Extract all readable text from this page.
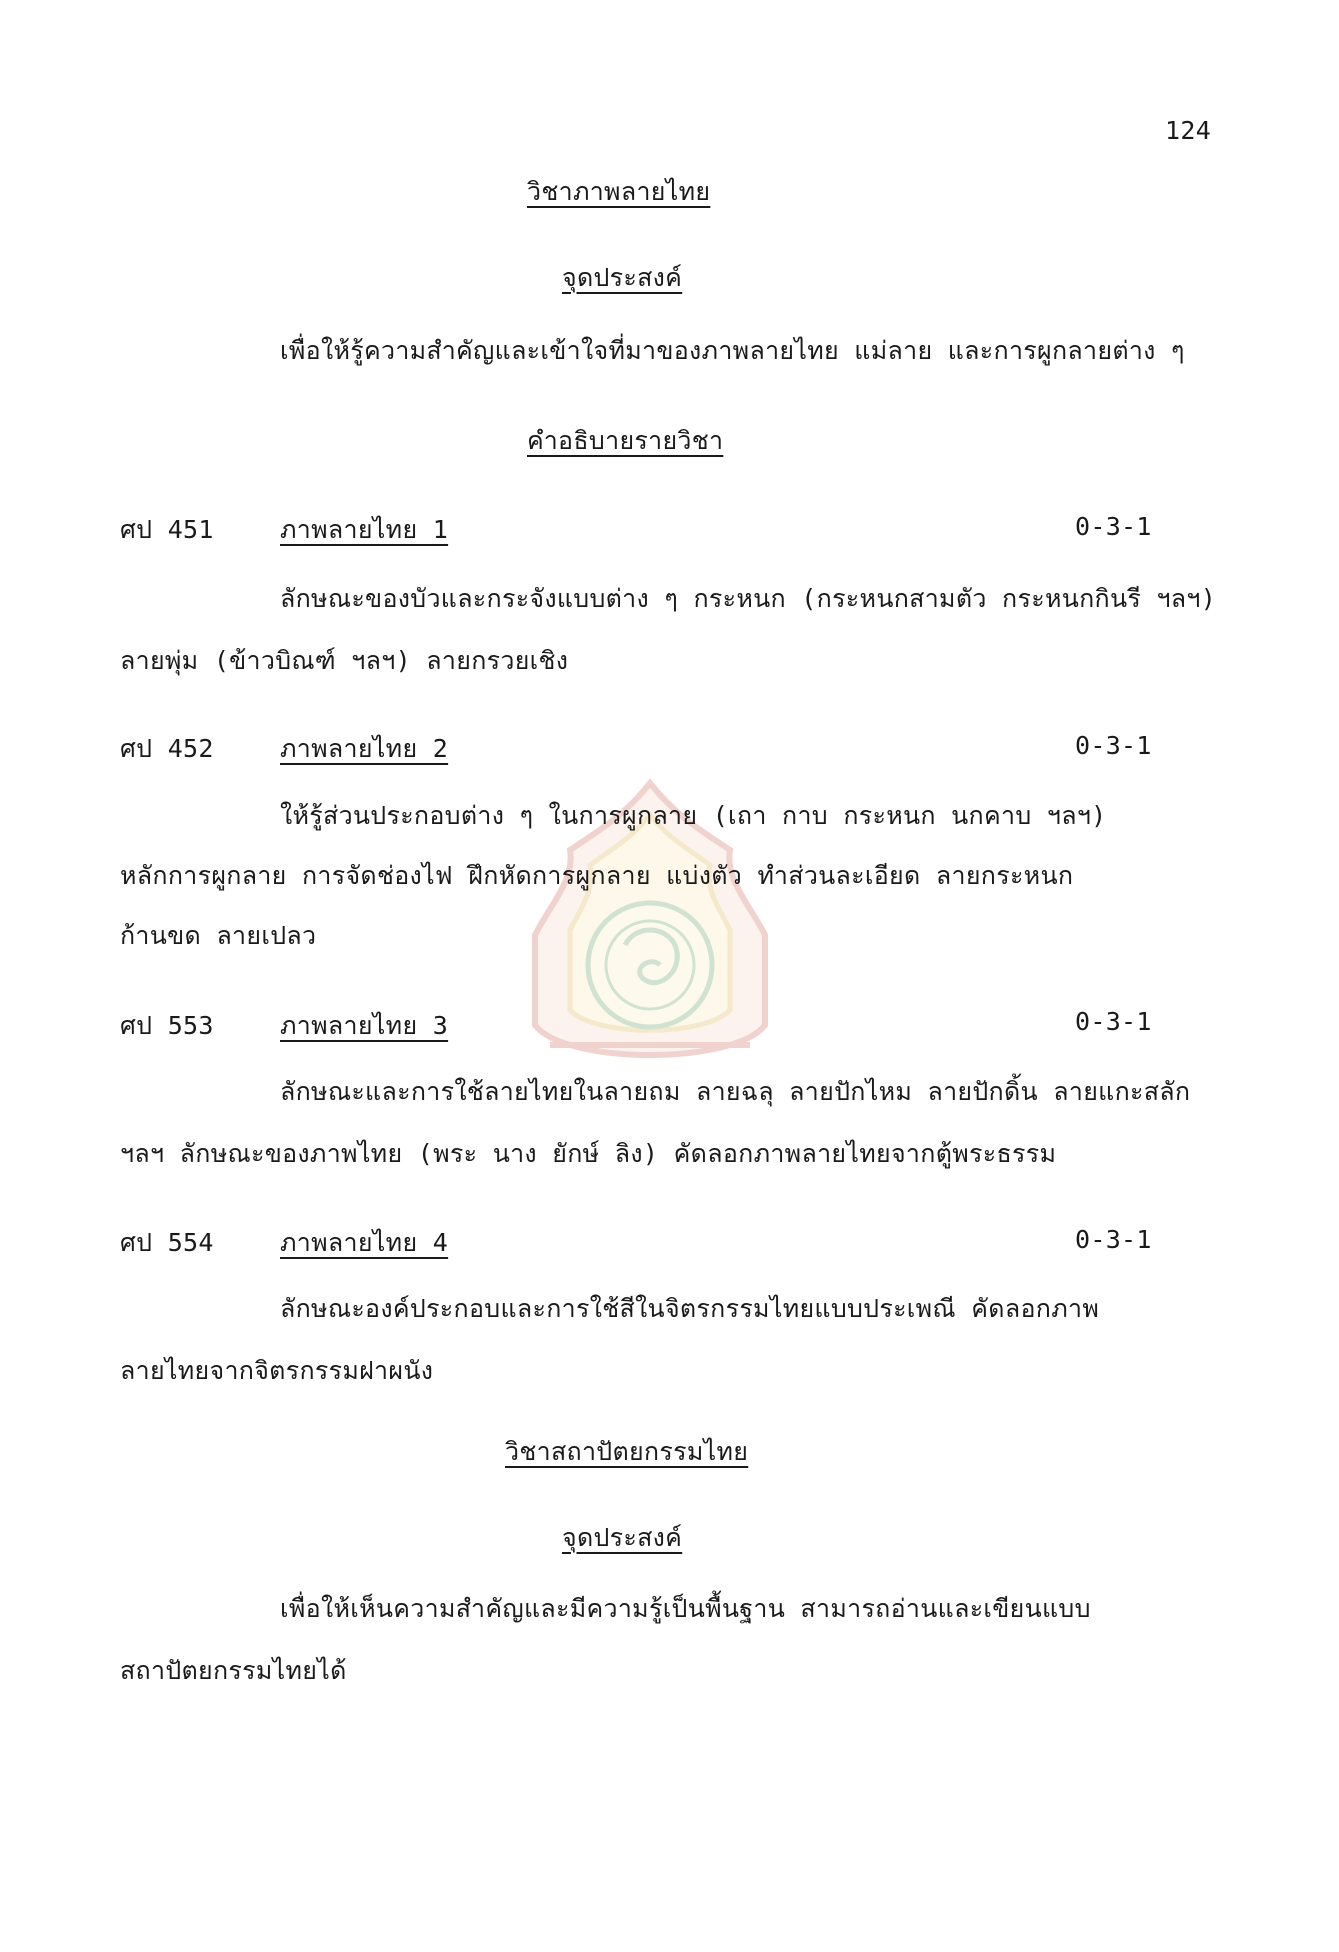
124
วิชาภาพลายไทย
จุดประสงค์
เพื่อให้รู้ความสำคัญและเข้าใจที่มาของภาพลายไทย แม่ลาย และการผูกลายต่าง ๆ
คำอธิบายรายวิชา
ศป 451	ภาพลายไทย 1	0-3-1
ลักษณะของบัวและกระจังแบบต่าง ๆ กระหนก (กระหนกสามตัว กระหนกกินรี ฯลฯ)
ลายพุ่ม (ข้าวบิณฑ์ ฯลฯ) ลายกรวยเชิง
ศป 452	ภาพลายไทย 2	0-3-1
ให้รู้ส่วนประกอบต่าง ๆ ในการผูกลาย (เถา กาบ กระหนก นกคาบ ฯลฯ)
หลักการผูกลาย การจัดช่องไฟ ฝึกหัดการผูกลาย แบ่งตัว ทำส่วนละเอียด ลายกระหนก
ก้านขด ลายเปลว
ศป 553	ภาพลายไทย 3	0-3-1
ลักษณะและการใช้ลายไทยในลายถม ลายฉลุ ลายปักไหม ลายปักดิ้น ลายแกะสลัก
ฯลฯ ลักษณะของภาพไทย (พระ นาง ยักษ์ ลิง) คัดลอกภาพลายไทยจากตู้พระธรรม
ศป 554	ภาพลายไทย 4	0-3-1
ลักษณะองค์ประกอบและการใช้สีในจิตรกรรมไทยแบบประเพณี คัดลอกภาพ
ลายไทยจากจิตรกรรมฝาผนัง
วิชาสถาปัตยกรรมไทย
จุดประสงค์
เพื่อให้เห็นความสำคัญและมีความรู้เป็นพื้นฐาน สามารถอ่านและเขียนแบบ
สถาปัตยกรรมไทยได้
